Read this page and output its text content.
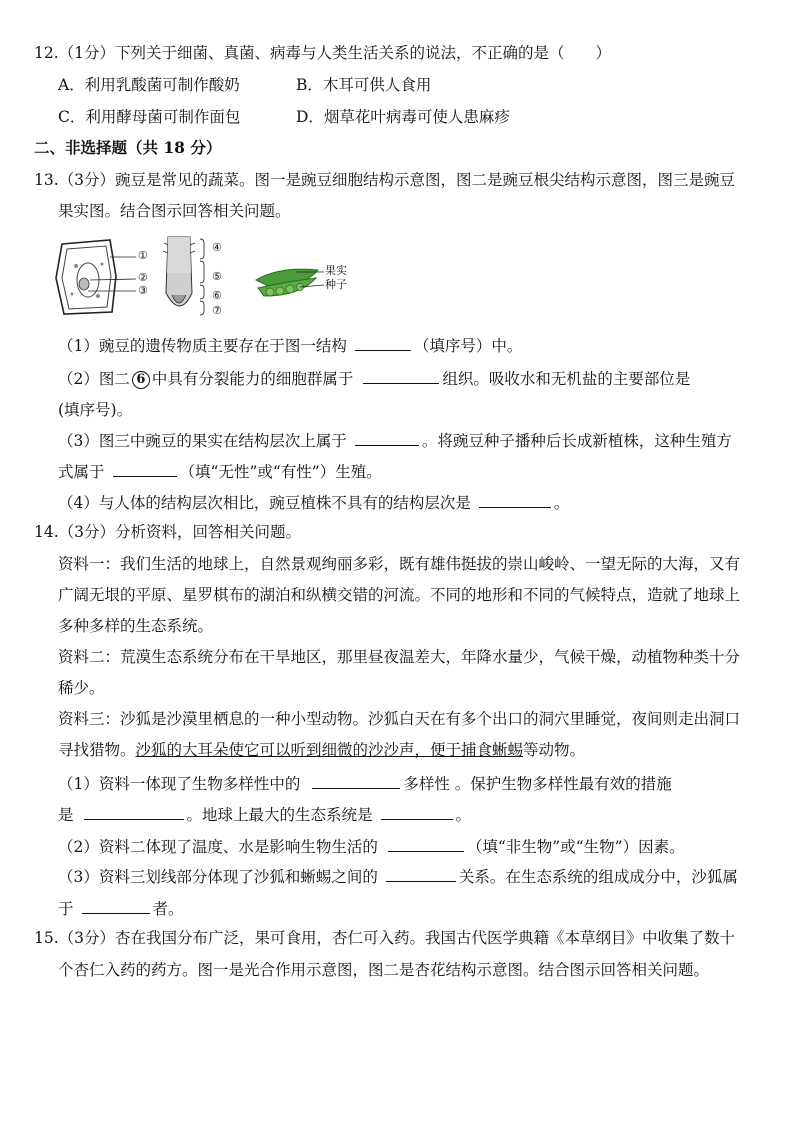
12.（1分）下列关于细菌、真菌、病毒与人类生活关系的说法，不正确的是（　　）
A．利用乳酸菌可制作酸奶	B．木耳可供人食用
C．利用酵母菌可制作面包	D．烟草花叶病毒可使人患麻疹
二、非选择题（共 18 分）
13.（3分）豌豆是常见的蔬菜。图一是豌豆细胞结构示意图，图二是豌豆根尖结构示意图，图三是豌豆
果实图。结合图示回答相关问题。
①
②
③
④
⑤
⑥
⑦
果实
种子
（1）豌豆的遗传物质主要存在于图一结构	（填序号）中。
（2）图二 6 中具有分裂能力的细胞群属于	组织。吸收水和无机盐的主要部位是
(填序号)。
（3）图三中豌豆的果实在结构层次上属于	。将豌豆种子播种后长成新植株，这种生殖方
式属于	（填“无性”或“有性”）生殖。
（4）与人体的结构层次相比，豌豆植株不具有的结构层次是	。
14.（3分）分析资料，回答相关问题。
资料一：我们生活的地球上，自然景观绚丽多彩，既有雄伟挺拔的崇山峻岭、一望无际的大海，又有
广阔无垠的平原、星罗棋布的湖泊和纵横交错的河流。不同的地形和不同的气候特点，造就了地球上
多种多样的生态系统。
资料二：荒漠生态系统分布在干旱地区，那里昼夜温差大，年降水量少，气候干燥，动植物种类十分
稀少。
资料三：沙狐是沙漠里栖息的一种小型动物。沙狐白天在有多个出口的洞穴里睡觉，夜间则走出洞口
寻找猎物。沙狐的大耳朵使它可以听到细微的沙沙声，便于捕食蜥蜴等动物。
（1）资料一体现了生物多样性中的	多样性 。保护生物多样性最有效的措施
是	。地球上最大的生态系统是	。
（2）资料二体现了温度、水是影响生物生活的	（填“非生物”或“生物”）因素。
（3）资料三划线部分体现了沙狐和蜥蜴之间的	关系。在生态系统的组成成分中，沙狐属
于	者。
15.（3分）杏在我国分布广泛，果可食用，杏仁可入药。我国古代医学典籍《本草纲目》中收集了数十
个杏仁入药的药方。图一是光合作用示意图，图二是杏花结构示意图。结合图示回答相关问题。
